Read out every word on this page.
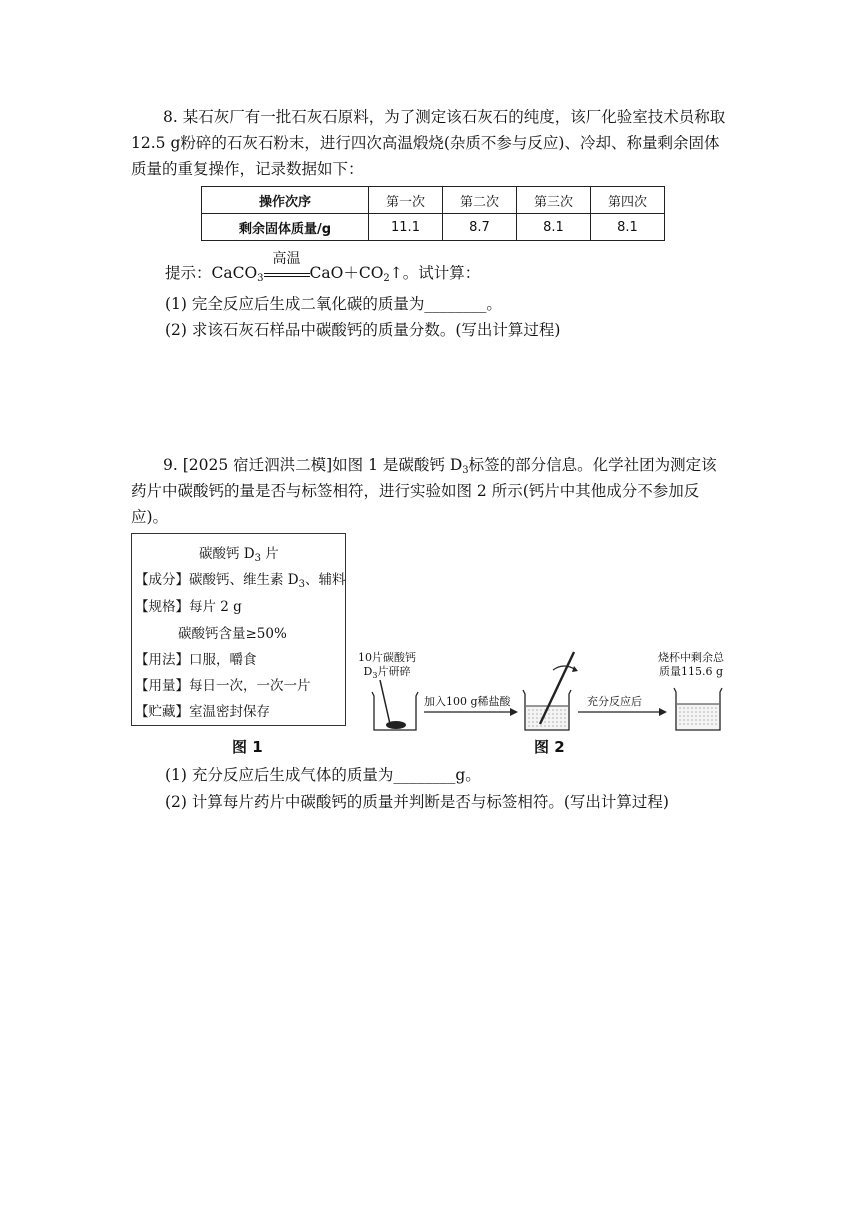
8. 某石灰厂有一批石灰石原料，为了测定该石灰石的纯度，该厂化验室技术员称取12.5 g粉碎的石灰石粉末，进行四次高温煅烧(杂质不参与反应)、冷却、称量剩余固体质量的重复操作，记录数据如下：
操作次序	第一次	第二次	第三次	第四次
剩余固体质量/g	11.1	8.7	8.1	8.1
提示：CaCO$_3$
高温
$CaO+CO_2↑$。试计算：
(1) 完全反应后生成二氧化碳的质量为________。
(2) 求该石灰石样品中碳酸钙的质量分数。(写出计算过程)
9. [2025 宿迁泗洪二模]如图 1 是碳酸钙 $D_3$标签的部分信息。化学社团为测定该药片中碳酸钙的量是否与标签相符，进行实验如图 2 所示(钙片中其他成分不参加反应)。
碳酸钙 $D_3$ 片
【成分】碳酸钙、维生素 $D_3$、辅料
【规格】每片 2 g
碳酸钙含量≥50%
【用法】口服，嚼食
【用量】每日一次，一次一片
【贮藏】室温密封保存
图 1
10片碳酸钙
$D_3$片研碎
加入100 g稀盐酸	充分反应后
烧杯中剩余总
质量115.6 g
图 2
(1) 充分反应后生成气体的质量为________g。
(2) 计算每片药片中碳酸钙的质量并判断是否与标签相符。(写出计算过程)
